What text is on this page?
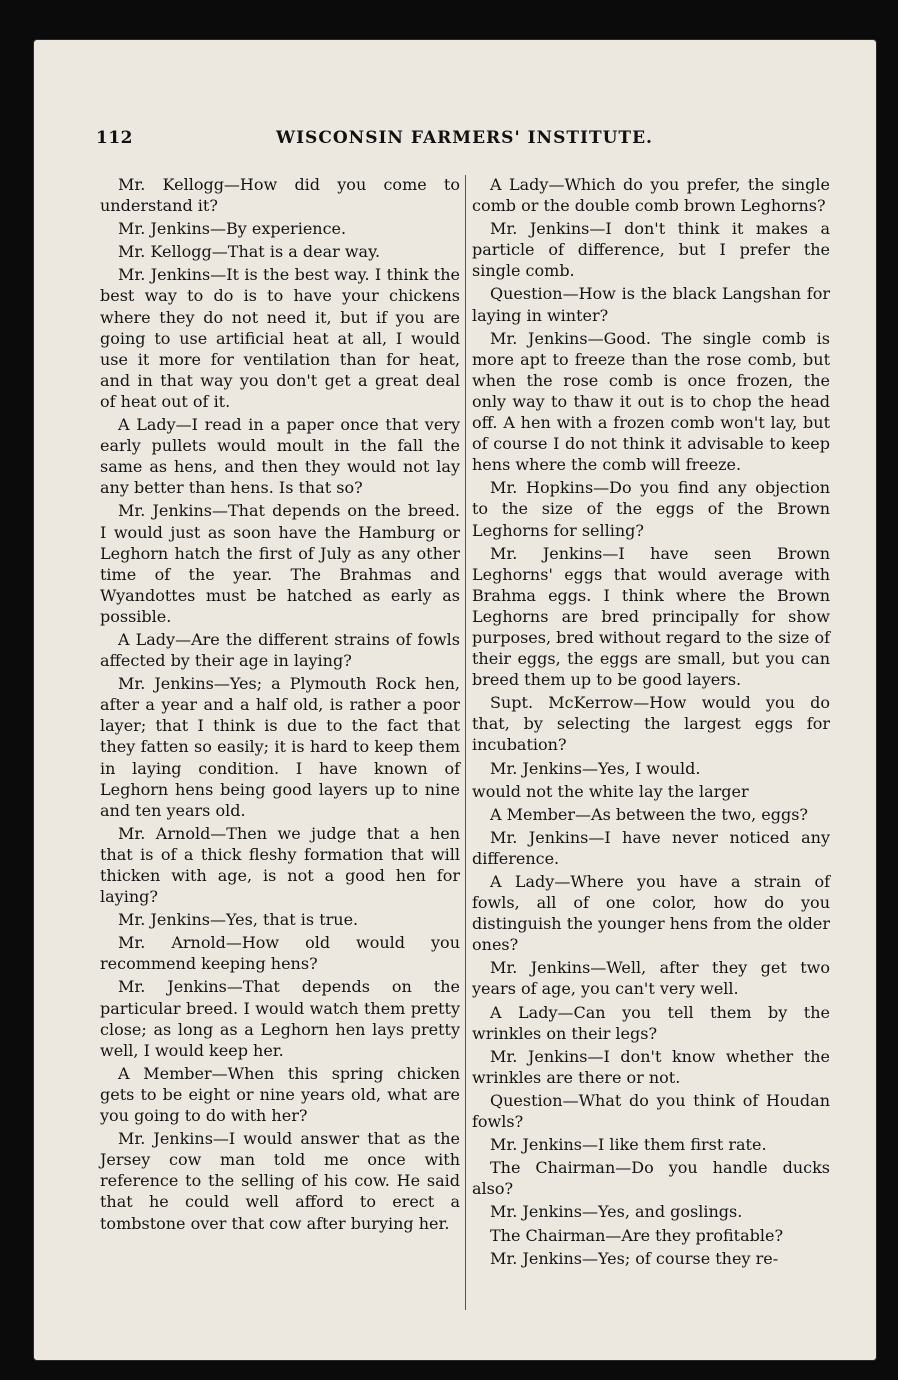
112	WISCONSIN FARMERS' INSTITUTE.

Mr. Kellogg—How did you come to understand it?

Mr. Jenkins—By experience.

Mr. Kellogg—That is a dear way.

Mr. Jenkins—It is the best way. I think the best way to do is to have your chickens where they do not need it, but if you are going to use artificial heat at all, I would use it more for ventilation than for heat, and in that way you don't get a great deal of heat out of it.

A Lady—I read in a paper once that very early pullets would moult in the fall the same as hens, and then they would not lay any better than hens. Is that so?

Mr. Jenkins—That depends on the breed. I would just as soon have the Hamburg or Leghorn hatch the first of July as any other time of the year. The Brahmas and Wyandottes must be hatched as early as possible.

A Lady—Are the different strains of fowls affected by their age in laying?

Mr. Jenkins—Yes; a Plymouth Rock hen, after a year and a half old, is rather a poor layer; that I think is due to the fact that they fatten so easily; it is hard to keep them in laying condition. I have known of Leghorn hens being good layers up to nine and ten years old.

Mr. Arnold—Then we judge that a hen that is of a thick fleshy formation that will thicken with age, is not a good hen for laying?

Mr. Jenkins—Yes, that is true.

Mr. Arnold—How old would you recommend keeping hens?

Mr. Jenkins—That depends on the particular breed. I would watch them pretty close; as long as a Leghorn hen lays pretty well, I would keep her.

A Member—When this spring chicken gets to be eight or nine years old, what are you going to do with her?

Mr. Jenkins—I would answer that as the Jersey cow man told me once with reference to the selling of his cow. He said that he could well afford to erect a tombstone over that cow after burying her.

A Lady—Which do you prefer, the single comb or the double comb brown Leghorns?

Mr. Jenkins—I don't think it makes a particle of difference, but I prefer the single comb.

Question—How is the black Langshan for laying in winter?

Mr. Jenkins—Good. The single comb is more apt to freeze than the rose comb, but when the rose comb is once frozen, the only way to thaw it out is to chop the head off. A hen with a frozen comb won't lay, but of course I do not think it advisable to keep hens where the comb will freeze.

Mr. Hopkins—Do you find any objection to the size of the eggs of the Brown Leghorns for selling?

Mr. Jenkins—I have seen Brown Leghorns' eggs that would average with Brahma eggs. I think where the Brown Leghorns are bred principally for show purposes, bred without regard to the size of their eggs, the eggs are small, but you can breed them up to be good layers.

Supt. McKerrow—How would you do that, by selecting the largest eggs for incubation?

Mr. Jenkins—Yes, I would.

would not the white lay the larger

A Member—As between the two, eggs?

Mr. Jenkins—I have never noticed any difference.

A Lady—Where you have a strain of fowls, all of one color, how do you distinguish the younger hens from the older ones?

Mr. Jenkins—Well, after they get two years of age, you can't very well.

A Lady—Can you tell them by the wrinkles on their legs?

Mr. Jenkins—I don't know whether the wrinkles are there or not.

Question—What do you think of Houdan fowls?

Mr. Jenkins—I like them first rate.

The Chairman—Do you handle ducks also?

Mr. Jenkins—Yes, and goslings.

The Chairman—Are they profitable?

Mr. Jenkins—Yes; of course they re-
